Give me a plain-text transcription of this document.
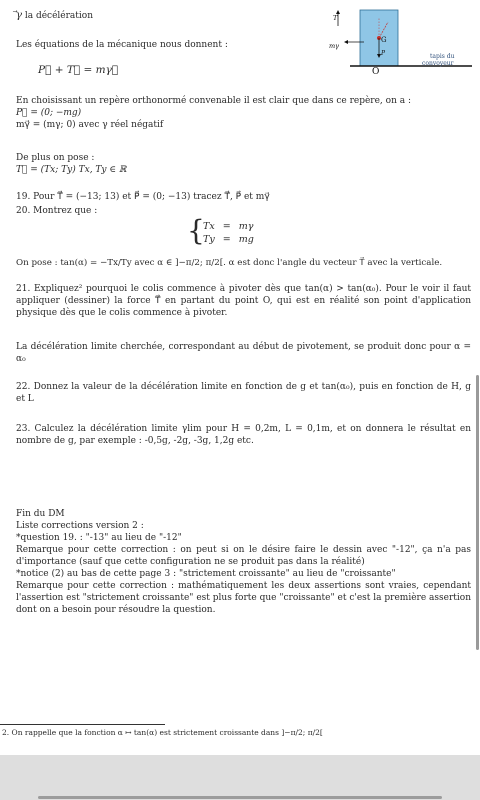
⃗γ la décélération
G
mγ
T
P
O
tapis du
convoyeur
Les équations de la mécanique nous donnent :
P⃗ + T⃗ = mγ⃗
En choisissant un repère orthonormé convenable il est clair que dans ce repère, on a :
P⃗ = (0; −mg)
mγ⃗ = (mγ; 0) avec γ réel négatif
De plus on pose :
T⃗ = (Tx; Ty) Tx, Ty ∈ ℝ
19. Pour T⃗ = (−13; 13) et P⃗ = (0; −13) tracez T⃗, P⃗ et mγ⃗
20. Montrez que :
{
Tx = mγ
Ty = mg
On pose : tan(α) = −Tx/Ty avec α ∈ ]−π/2; π/2[. α est donc l'angle du vecteur T⃗ avec la verticale.
21. Expliquez² pourquoi le colis commence à pivoter dès que tan(α) > tan(α₀). Pour le voir il faut appliquer (dessiner) la force T⃗ en partant du point O, qui est en réalité son point d'application physique dès que le colis commence à pivoter.
La décélération limite cherchée, correspondant au début de pivotement, se produit donc pour α = α₀
22. Donnez la valeur de la décélération limite en fonction de g et tan(α₀), puis en fonction de H, g et L
23. Calculez la décélération limite γlim pour H = 0,2m, L = 0,1m, et on donnera le résultat en nombre de g, par exemple : -0,5g, -2g, -3g, 1,2g etc.
Fin du DM
Liste corrections version 2 :
*question 19. : "-13" au lieu de "-12"
Remarque pour cette correction : on peut si on le désire faire le dessin avec "-12", ça n'a pas d'importance (sauf que cette configuration ne se produit pas dans la réalité)
*notice (2) au bas de cette page 3 : "strictement croissante" au lieu de "croissante"
Remarque pour cette correction : mathématiquement les deux assertions sont vraies, cependant l'assertion est "strictement croissante" est plus forte que "croissante" et c'est la première assertion dont on a besoin pour résoudre la question.
2. On rappelle que la fonction α ↦ tan(α) est strictement croissante dans ]−π/2; π/2[
